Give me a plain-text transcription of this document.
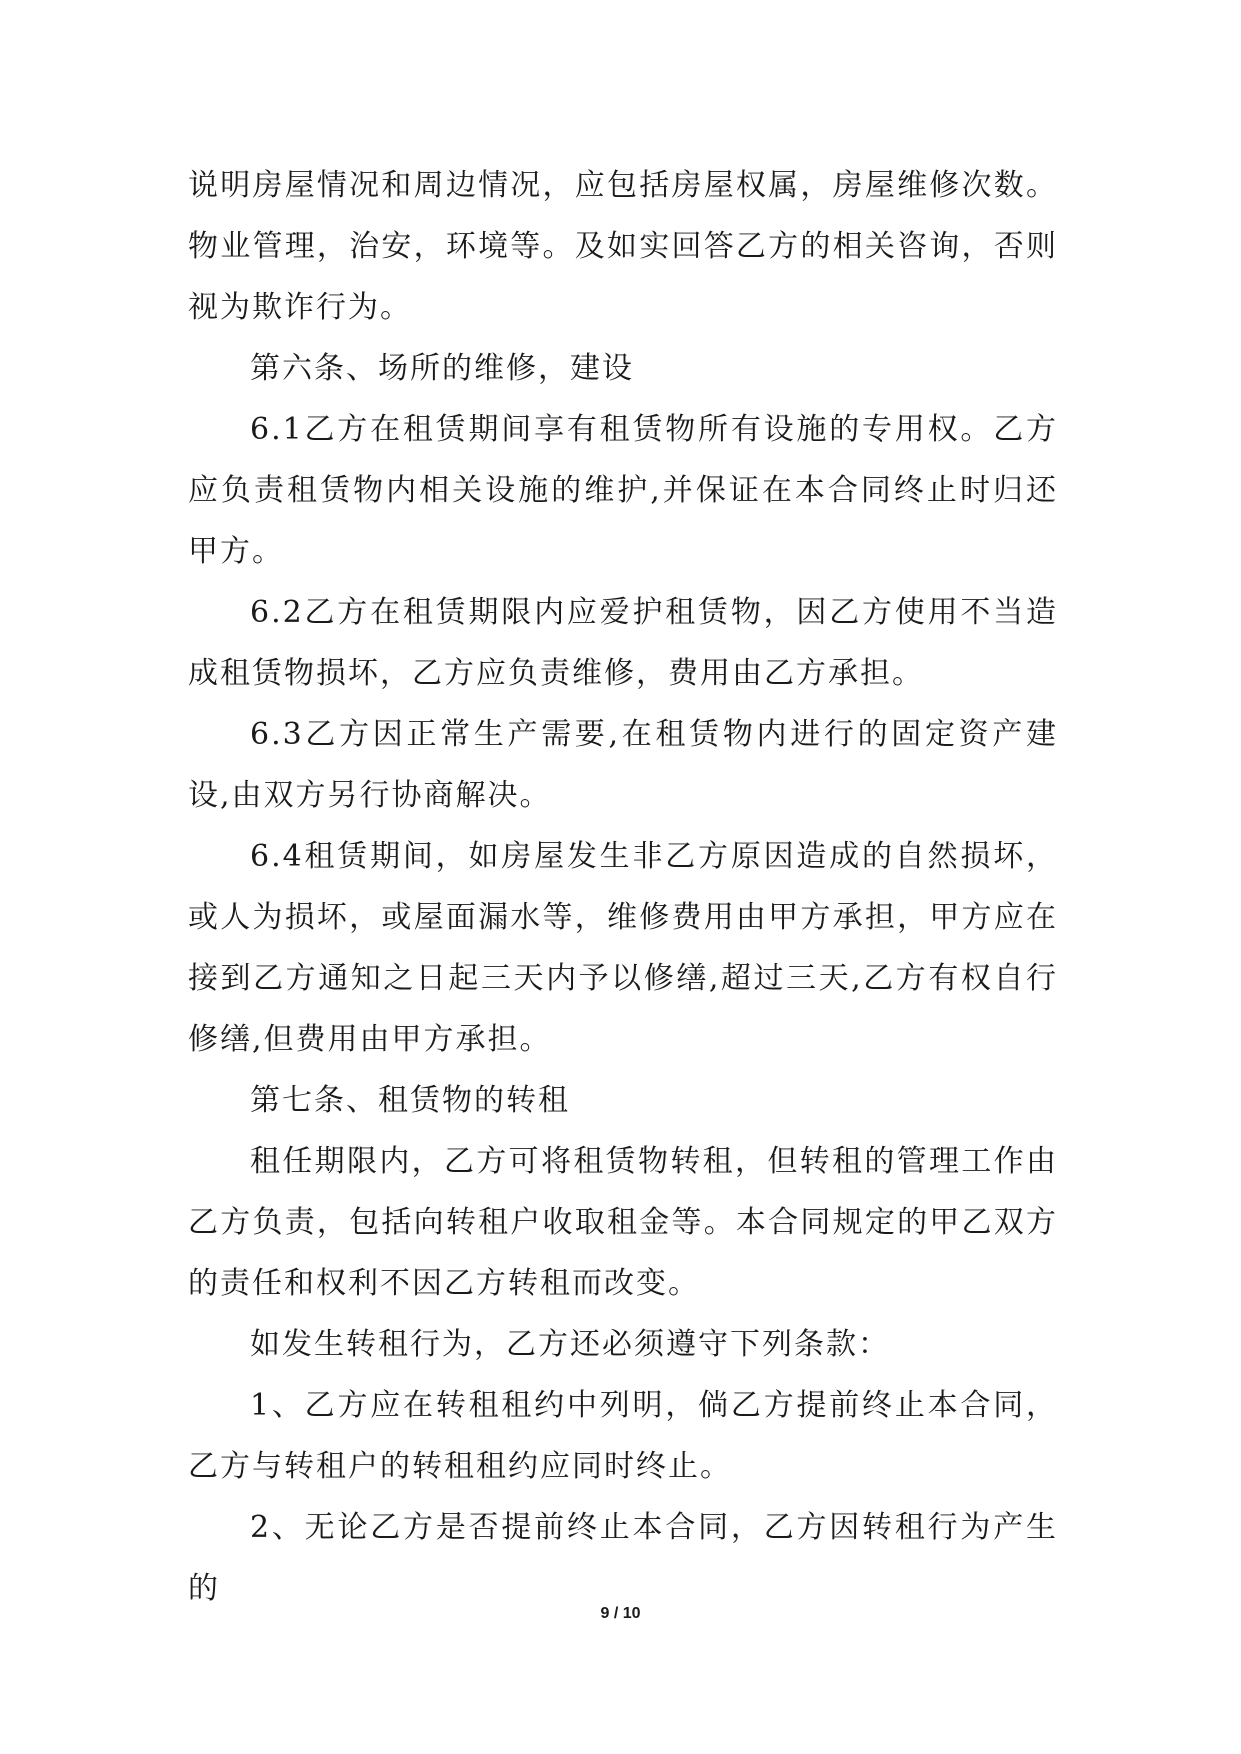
说明房屋情况和周边情况，应包括房屋权属，房屋维修次数。物业管理，治安，环境等。及如实回答乙方的相关咨询，否则视为欺诈行为。

第六条、场所的维修，建设

6.1乙方在租赁期间享有租赁物所有设施的专用权。乙方应负责租赁物内相关设施的维护,并保证在本合同终止时归还甲方。

6.2乙方在租赁期限内应爱护租赁物，因乙方使用不当造成租赁物损坏，乙方应负责维修，费用由乙方承担。

6.3乙方因正常生产需要,在租赁物内进行的固定资产建设,由双方另行协商解决。

6.4租赁期间，如房屋发生非乙方原因造成的自然损坏，或人为损坏，或屋面漏水等，维修费用由甲方承担，甲方应在接到乙方通知之日起三天内予以修缮,超过三天,乙方有权自行修缮,但费用由甲方承担。

第七条、租赁物的转租

租任期限内，乙方可将租赁物转租，但转租的管理工作由乙方负责，包括向转租户收取租金等。本合同规定的甲乙双方的责任和权利不因乙方转租而改变。

如发生转租行为，乙方还必须遵守下列条款：

1、乙方应在转租租约中列明，倘乙方提前终止本合同，乙方与转租户的转租租约应同时终止。

2、无论乙方是否提前终止本合同，乙方因转租行为产生的

9 / 10
